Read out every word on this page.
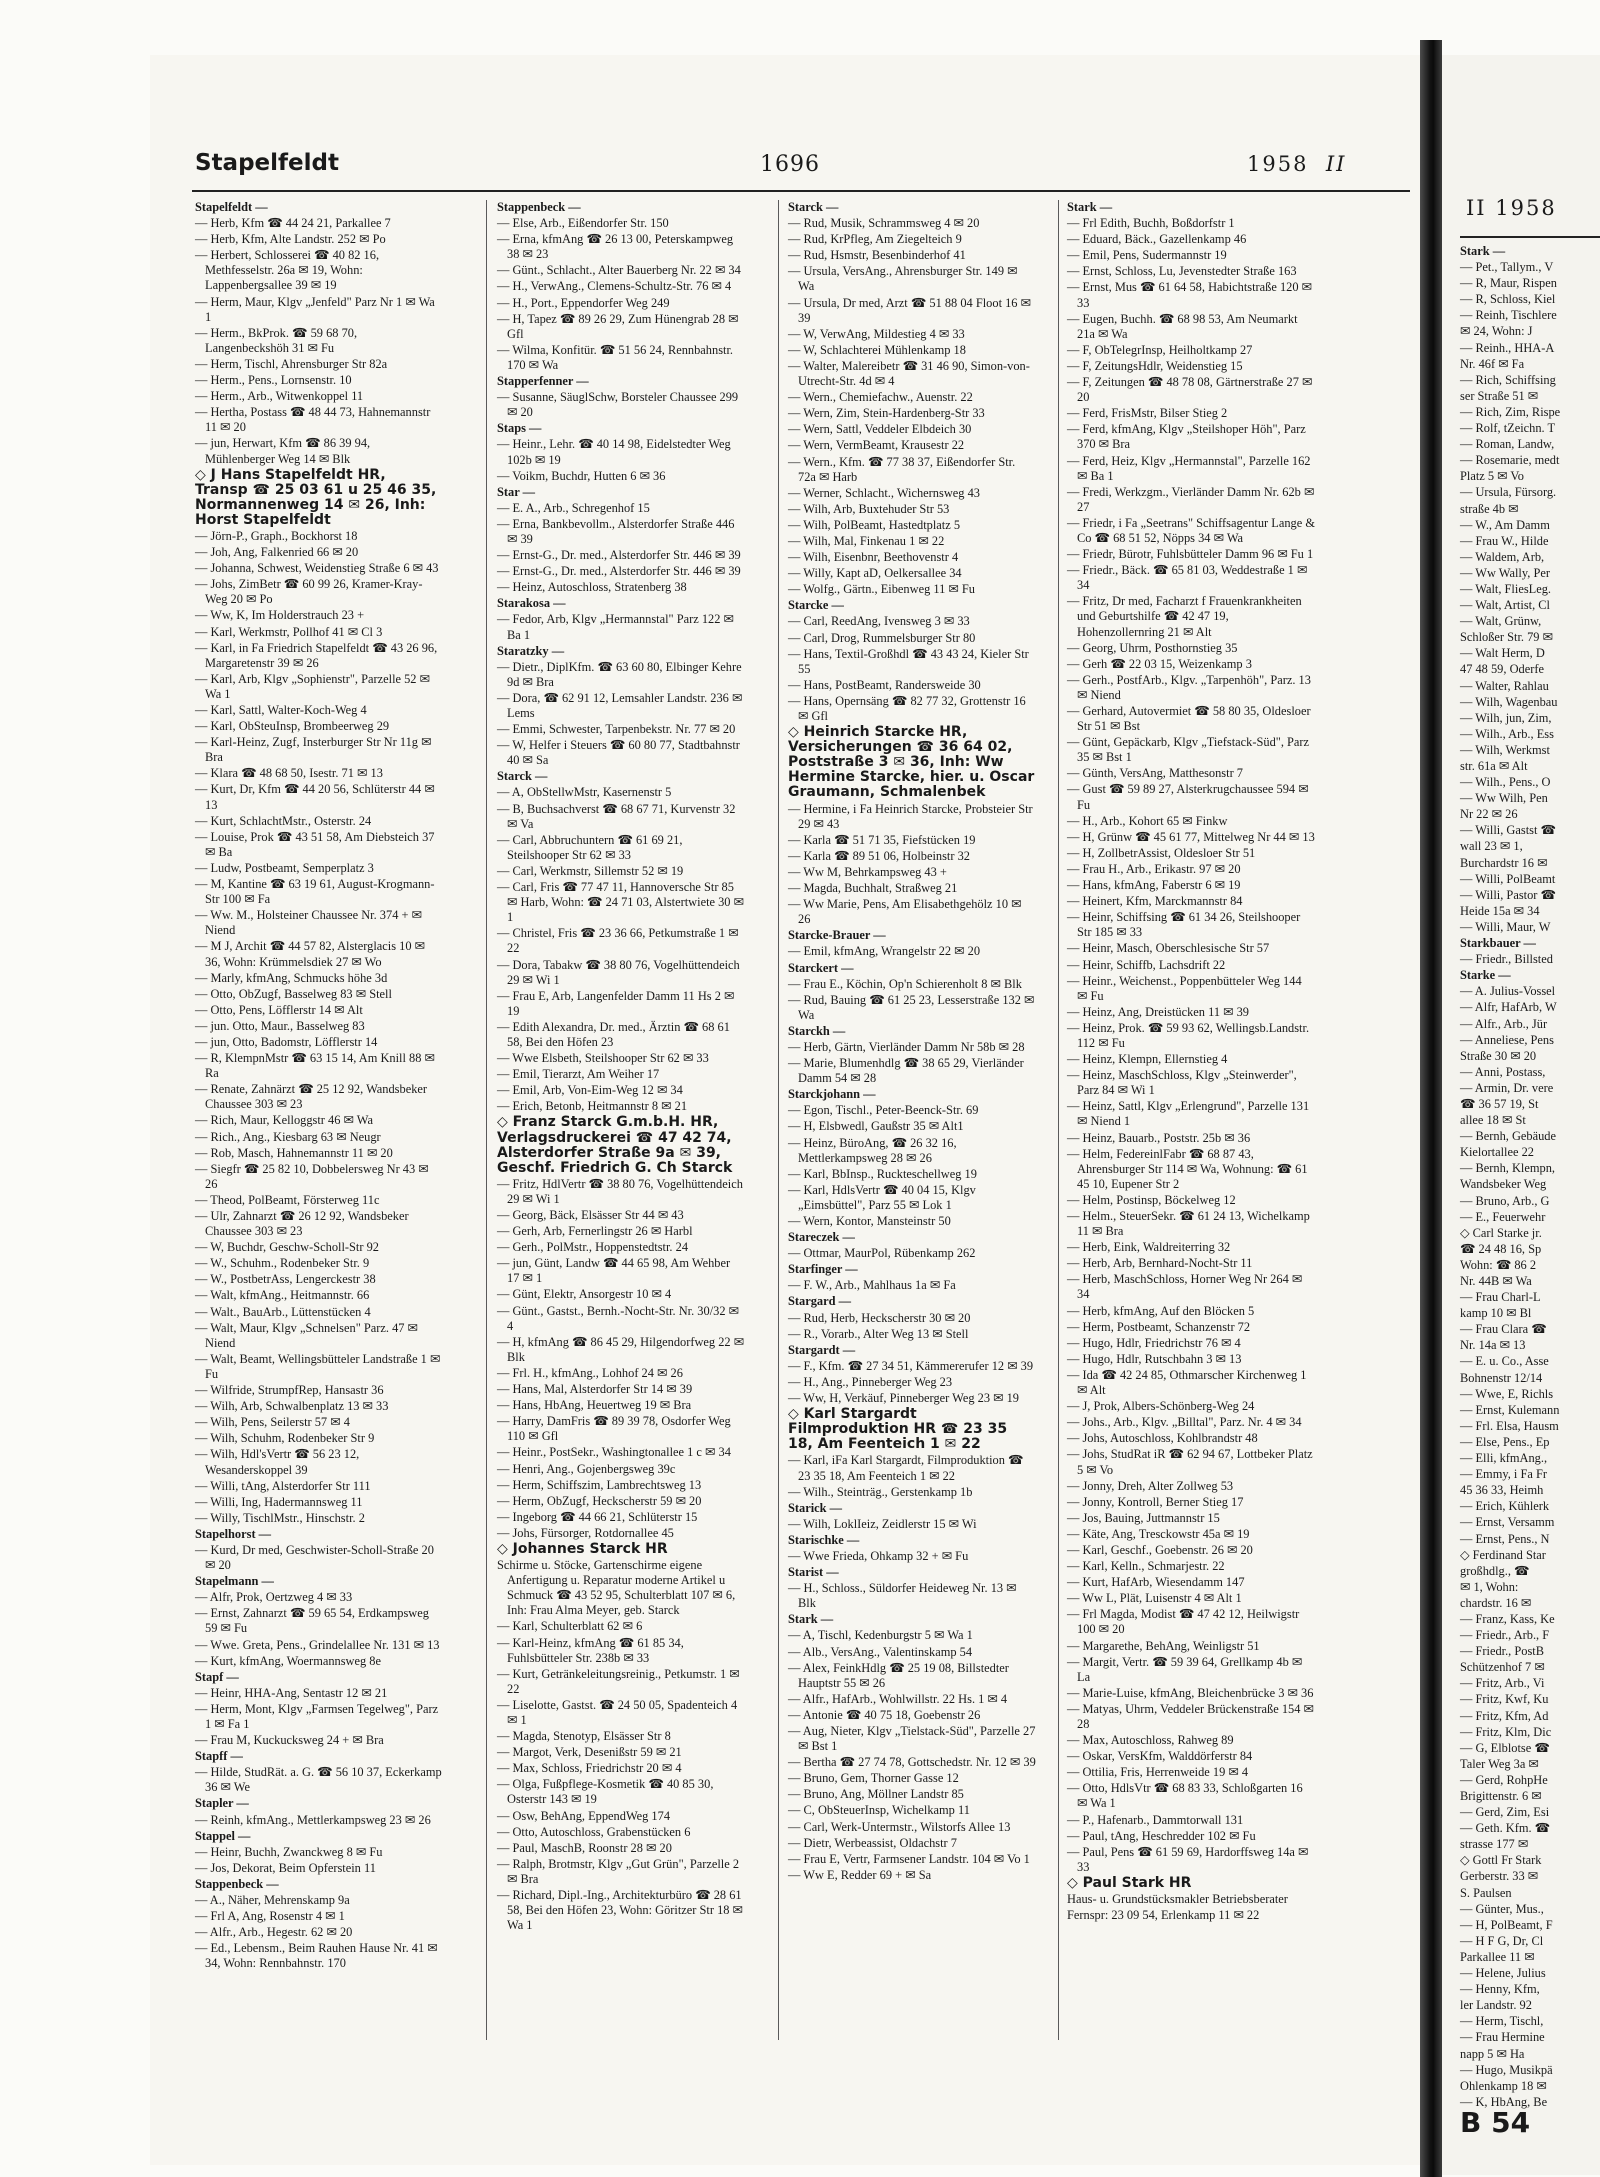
Stapelfeldt	1696	1958 II
Stapelfeldt —
— Herb, Kfm ☎ 44 24 21, Parkallee 7
— Herb, Kfm, Alte Landstr. 252 ✉ Po
— Herbert, Schlosserei ☎ 40 82 16, Methfesselstr. 26a ✉ 19, Wohn: Lappenbergsallee 39 ✉ 19
— Herm, Maur, Klgv „Jenfeld" Parz Nr 1 ✉ Wa 1
— Herm., BkProk. ☎ 59 68 70, Langenbeckshöh 31 ✉ Fu
— Herm, Tischl, Ahrensburger Str 82a
— Herm., Pens., Lornsenstr. 10
— Herm., Arb., Witwenkoppel 11
— Hertha, Postass ☎ 48 44 73, Hahnemannstr 11 ✉ 20
— jun, Herwart, Kfm ☎ 86 39 94, Mühlenberger Weg 14 ✉ Blk
◇ J Hans Stapelfeldt HR, Transp ☎ 25 03 61 u 25 46 35, Normannenweg 14 ✉ 26, Inh: Horst Stapelfeldt
— Jörn-P., Graph., Bockhorst 18
— Joh, Ang, Falkenried 66 ✉ 20
— Johanna, Schwest, Weidenstieg Straße 6 ✉ 43
— Johs, ZimBetr ☎ 60 99 26, Kramer-Kray-Weg 20 ✉ Po
— Ww, K, Im Holderstrauch 23 +
— Karl, Werkmstr, Pollhof 41 ✉ Cl 3
— Karl, in Fa Friedrich Stapelfeldt ☎ 43 26 96, Margaretenstr 39 ✉ 26
— Karl, Arb, Klgv „Sophienstr", Parzelle 52 ✉ Wa 1
— Karl, Sattl, Walter-Koch-Weg 4
— Karl, ObSteuInsp, Brombeerweg 29
— Karl-Heinz, Zugf, Insterburger Str Nr 11g ✉ Bra
— Klara ☎ 48 68 50, Isestr. 71 ✉ 13
— Kurt, Dr, Kfm ☎ 44 20 56, Schlüterstr 44 ✉ 13
— Kurt, SchlachtMstr., Osterstr. 24
— Louise, Prok ☎ 43 51 58, Am Diebsteich 37 ✉ Ba
— Ludw, Postbeamt, Semperplatz 3
— M, Kantine ☎ 63 19 61, August-Krogmann-Str 100 ✉ Fa
— Ww. M., Holsteiner Chaussee Nr. 374 + ✉ Niend
— M J, Archit ☎ 44 57 82, Alsterglacis 10 ✉ 36, Wohn: Krümmelsdiek 27 ✉ Wo
— Marly, kfmAng, Schmucks höhe 3d
— Otto, ObZugf, Basselweg 83 ✉ Stell
— Otto, Pens, Löfflerstr 14 ✉ Alt
— jun. Otto, Maur., Basselweg 83
— jun, Otto, Badomstr, Löfflerstr 14
— R, KlempnMstr ☎ 63 15 14, Am Knill 88 ✉ Ra
— Renate, Zahnärzt ☎ 25 12 92, Wandsbeker Chaussee 303 ✉ 23
— Rich, Maur, Kelloggstr 46 ✉ Wa
— Rich., Ang., Kiesbarg 63 ✉ Neugr
— Rob, Masch, Hahnemannstr 11 ✉ 20
— Siegfr ☎ 25 82 10, Dobbelersweg Nr 43 ✉ 26
— Theod, PolBeamt, Försterweg 11c
— Ulr, Zahnarzt ☎ 26 12 92, Wandsbeker Chaussee 303 ✉ 23
— W, Buchdr, Geschw-Scholl-Str 92
— W., Schuhm., Rodenbeker Str. 9
— W., PostbetrAss, Lengerckestr 38
— Walt, kfmAng., Heitmannstr. 66
— Walt., BauArb., Lüttenstücken 4
— Walt, Maur, Klgv „Schnelsen" Parz. 47 ✉ Niend
— Walt, Beamt, Wellingsbütteler Landstraße 1 ✉ Fu
— Wilfride, StrumpfRep, Hansastr 36
— Wilh, Arb, Schwalbenplatz 13 ✉ 33
— Wilh, Pens, Seilerstr 57 ✉ 4
— Wilh, Schuhm, Rodenbeker Str 9
— Wilh, Hdl'sVertr ☎ 56 23 12, Wesanderskoppel 39
— Willi, tAng, Alsterdorfer Str 111
— Willi, Ing, Hadermannsweg 11
— Willy, TischlMstr., Hinschstr. 2
Stapelhorst —
— Kurd, Dr med, Geschwister-Scholl-Straße 20 ✉ 20
Stapelmann —
— Alfr, Prok, Oertzweg 4 ✉ 33
— Ernst, Zahnarzt ☎ 59 65 54, Erdkampsweg 59 ✉ Fu
— Wwe. Greta, Pens., Grindelallee Nr. 131 ✉ 13
— Kurt, kfmAng, Woermannsweg 8e
Stapf —
— Heinr, HHA-Ang, Sentastr 12 ✉ 21
— Herm, Mont, Klgv „Farmsen Tegelweg", Parz 1 ✉ Fa 1
— Frau M, Kuckucksweg 24 + ✉ Bra
Stapff —
— Hilde, StudRät. a. G. ☎ 56 10 37, Eckerkamp 36 ✉ We
Stapler —
— Reinh, kfmAng., Mettlerkampsweg 23 ✉ 26
Stappel —
— Heinr, Buchh, Zwanckweg 8 ✉ Fu
— Jos, Dekorat, Beim Opferstein 11
Stappenbeck —
— A., Näher, Mehrenskamp 9a
— Frl A, Ang, Rosenstr 4 ✉ 1
— Alfr., Arb., Hegestr. 62 ✉ 20
— Ed., Lebensm., Beim Rauhen Hause Nr. 41 ✉ 34, Wohn: Rennbahnstr. 170
Stappenbeck —
— Else, Arb., Eißendorfer Str. 150
— Erna, kfmAng ☎ 26 13 00, Peterskampweg 38 ✉ 23
— Günt., Schlacht., Alter Bauerberg Nr. 22 ✉ 34
— H., VerwAng., Clemens-Schultz-Str. 76 ✉ 4
— H., Port., Eppendorfer Weg 249
— H, Tapez ☎ 89 26 29, Zum Hünengrab 28 ✉ Gfl
— Wilma, Konfitür. ☎ 51 56 24, Rennbahnstr. 170 ✉ Wa
Stapperfenner —
— Susanne, SäuglSchw, Borsteler Chaussee 299 ✉ 20
Staps —
— Heinr., Lehr. ☎ 40 14 98, Eidelstedter Weg 102b ✉ 19
— Voikm, Buchdr, Hutten 6 ✉ 36
Star —
— E. A., Arb., Schregenhof 15
— Erna, Bankbevollm., Alsterdorfer Straße 446 ✉ 39
— Ernst-G., Dr. med., Alsterdorfer Str. 446 ✉ 39
— Ernst-G., Dr. med., Alsterdorfer Str. 446 ✉ 39
— Heinz, Autoschloss, Stratenberg 38
Starakosa —
— Fedor, Arb, Klgv „Hermannstal" Parz 122 ✉ Ba 1
Staratzky —
— Dietr., DiplKfm. ☎ 63 60 80, Elbinger Kehre 9d ✉ Bra
— Dora, ☎ 62 91 12, Lemsahler Landstr. 236 ✉ Lems
— Emmi, Schwester, Tarpenbekstr. Nr. 77 ✉ 20
— W, Helfer i Steuers ☎ 60 80 77, Stadtbahnstr 40 ✉ Sa
Starck —
— A, ObStellwMstr, Kasernenstr 5
— B, Buchsachverst ☎ 68 67 71, Kurvenstr 32 ✉ Va
— Carl, Abbruchuntern ☎ 61 69 21, Steilshooper Str 62 ✉ 33
— Carl, Werkmstr, Sillemstr 52 ✉ 19
— Carl, Fris ☎ 77 47 11, Hannoversche Str 85 ✉ Harb, Wohn: ☎ 24 71 03, Alstertwiete 30 ✉ 1
— Christel, Fris ☎ 23 36 66, Petkumstraße 1 ✉ 22
— Dora, Tabakw ☎ 38 80 76, Vogelhüttendeich 29 ✉ Wi 1
— Frau E, Arb, Langenfelder Damm 11 Hs 2 ✉ 19
— Edith Alexandra, Dr. med., Ärztin ☎ 68 61 58, Bei den Höfen 23
— Wwe Elsbeth, Steilshooper Str 62 ✉ 33
— Emil, Tierarzt, Am Weiher 17
— Emil, Arb, Von-Eim-Weg 12 ✉ 34
— Erich, Betonb, Heitmannstr 8 ✉ 21
◇ Franz Starck G.m.b.H. HR, Verlagsdruckerei ☎ 47 42 74, Alsterdorfer Straße 9a ✉ 39, Geschf. Friedrich G. Ch Starck
— Fritz, HdlVertr ☎ 38 80 76, Vogelhüttendeich 29 ✉ Wi 1
— Georg, Bäck, Elsässer Str 44 ✉ 43
— Gerh, Arb, Fernerlingstr 26 ✉ Harbl
— Gerh., PolMstr., Hoppenstedtstr. 24
— jun, Günt, Landw ☎ 44 65 98, Am Wehber 17 ✉ 1
— Günt, Elektr, Ansorgestr 10 ✉ 4
— Günt., Gastst., Bernh.-Nocht-Str. Nr. 30/32 ✉ 4
— H, kfmAng ☎ 86 45 29, Hilgendorfweg 22 ✉ Blk
— Frl. H., kfmAng., Lohhof 24 ✉ 26
— Hans, Mal, Alsterdorfer Str 14 ✉ 39
— Hans, HbAng, Heuertweg 19 ✉ Bra
— Harry, DamFris ☎ 89 39 78, Osdorfer Weg 110 ✉ Gfl
— Heinr., PostSekr., Washingtonallee 1 c ✉ 34
— Henri, Ang., Gojenbergsweg 39c
— Herm, Schiffszim, Lambrechtsweg 13
— Herm, ObZugf, Heckscherstr 59 ✉ 20
— Ingeborg ☎ 44 66 21, Schlüterstr 15
— Johs, Fürsorger, Rotdornallee 45
◇ Johannes Starck HR
Schirme u. Stöcke, Gartenschirme eigene Anfertigung u. Reparatur moderne Artikel u Schmuck ☎ 43 52 95, Schulterblatt 107 ✉ 6, Inh: Frau Alma Meyer, geb. Starck
— Karl, Schulterblatt 62 ✉ 6
— Karl-Heinz, kfmAng ☎ 61 85 34, Fuhlsbütteler Str. 238b ✉ 33
— Kurt, Getränkeleitungsreinig., Petkumstr. 1 ✉ 22
— Liselotte, Gastst. ☎ 24 50 05, Spadenteich 4 ✉ 1
— Magda, Stenotyp, Elsässer Str 8
— Margot, Verk, Desenißstr 59 ✉ 21
— Max, Schloss, Friedrichstr 20 ✉ 4
— Olga, Fußpflege-Kosmetik ☎ 40 85 30, Osterstr 143 ✉ 19
— Osw, BehAng, EppendWeg 174
— Otto, Autoschloss, Grabenstücken 6
— Paul, MaschB, Roonstr 28 ✉ 20
— Ralph, Brotmstr, Klgv „Gut Grün", Parzelle 2 ✉ Bra
— Richard, Dipl.-Ing., Architekturbüro ☎ 28 61 58, Bei den Höfen 23, Wohn: Göritzer Str 18 ✉ Wa 1
Starck —
— Rud, Musik, Schrammsweg 4 ✉ 20
— Rud, KrPfleg, Am Ziegelteich 9
— Rud, Hsmstr, Besenbinderhof 41
— Ursula, VersAng., Ahrensburger Str. 149 ✉ Wa
— Ursula, Dr med, Arzt ☎ 51 88 04 Floot 16 ✉ 39
— W, VerwAng, Mildestieg 4 ✉ 33
— W, Schlachterei Mühlenkamp 18
— Walter, Malereibetr ☎ 31 46 90, Simon-von-Utrecht-Str. 4d ✉ 4
— Wern., Chemiefachw., Auenstr. 22
— Wern, Zim, Stein-Hardenberg-Str 33
— Wern, Sattl, Veddeler Elbdeich 30
— Wern, VermBeamt, Krausestr 22
— Wern., Kfm. ☎ 77 38 37, Eißendorfer Str. 72a ✉ Harb
— Werner, Schlacht., Wichernsweg 43
— Wilh, Arb, Buxtehuder Str 53
— Wilh, PolBeamt, Hastedtplatz 5
— Wilh, Mal, Finkenau 1 ✉ 22
— Wilh, Eisenbnr, Beethovenstr 4
— Willy, Kapt aD, Oelkersallee 34
— Wolfg., Gärtn., Eibenweg 11 ✉ Fu
Starcke —
— Carl, ReedAng, Ivensweg 3 ✉ 33
— Carl, Drog, Rummelsburger Str 80
— Hans, Textil-Großhdl ☎ 43 43 24, Kieler Str 55
— Hans, PostBeamt, Randersweide 30
— Hans, Opernsäng ☎ 82 77 32, Grottenstr 16 ✉ Gfl
◇ Heinrich Starcke HR, Versicherungen ☎ 36 64 02, Poststraße 3 ✉ 36, Inh: Ww Hermine Starcke, hier. u. Oscar Graumann, Schmalenbek
— Hermine, i Fa Heinrich Starcke, Probsteier Str 29 ✉ 43
— Karla ☎ 51 71 35, Fiefstücken 19
— Karla ☎ 89 51 06, Holbeinstr 32
— Ww M, Behrkampsweg 43 +
— Magda, Buchhalt, Straßweg 21
— Ww Marie, Pens, Am Elisabethgehölz 10 ✉ 26
Starcke-Brauer —
— Emil, kfmAng, Wrangelstr 22 ✉ 20
Starckert —
— Frau E., Köchin, Op'n Schierenholt 8 ✉ Blk
— Rud, Bauing ☎ 61 25 23, Lesserstraße 132 ✉ Wa
Starckh —
— Herb, Gärtn, Vierländer Damm Nr 58b ✉ 28
— Marie, Blumenhdlg ☎ 38 65 29, Vierländer Damm 54 ✉ 28
Starckjohann —
— Egon, Tischl., Peter-Beenck-Str. 69
— H, Elsbwedl, Gaußstr 35 ✉ Alt1
— Heinz, BüroAng, ☎ 26 32 16, Mettlerkampsweg 28 ✉ 26
— Karl, BbInsp., Ruckteschellweg 19
— Karl, HdlsVertr ☎ 40 04 15, Klgv „Eimsbüttel", Parz 55 ✉ Lok 1
— Wern, Kontor, Mansteinstr 50
Stareczek —
— Ottmar, MaurPol, Rübenkamp 262
Starfinger —
— F. W., Arb., Mahlhaus 1a ✉ Fa
Stargard —
— Rud, Herb, Heckscherstr 30 ✉ 20
— R., Vorarb., Alter Weg 13 ✉ Stell
Stargardt —
— F., Kfm. ☎ 27 34 51, Kämmererufer 12 ✉ 39
— H., Ang., Pinneberger Weg 23
— Ww, H, Verkäuf, Pinneberger Weg 23 ✉ 19
◇ Karl Stargardt Filmproduktion HR ☎ 23 35 18, Am Feenteich 1 ✉ 22
— Karl, iFa Karl Stargardt, Filmproduktion ☎ 23 35 18, Am Feenteich 1 ✉ 22
— Wilh., Steinträg., Gerstenkamp 1b
Starick —
— Wilh, LoklIeiz, Zeidlerstr 15 ✉ Wi
Starischke —
— Wwe Frieda, Ohkamp 32 + ✉ Fu
Starist —
— H., Schloss., Süldorfer Heideweg Nr. 13 ✉ Blk
Stark —
— A, Tischl, Kedenburgstr 5 ✉ Wa 1
— Alb., VersAng., Valentinskamp 54
— Alex, FeinkHdlg ☎ 25 19 08, Billstedter Hauptstr 55 ✉ 26
— Alfr., HafArb., Wohlwillstr. 22 Hs. 1 ✉ 4
— Antonie ☎ 40 75 18, Goebenstr 26
— Aug, Nieter, Klgv „Tielstack-Süd", Parzelle 27 ✉ Bst 1
— Bertha ☎ 27 74 78, Gottschedstr. Nr. 12 ✉ 39
— Bruno, Gem, Thorner Gasse 12
— Bruno, Ang, Möllner Landstr 85
— C, ObSteuerInsp, Wichelkamp 11
— Carl, Werk-Untermstr., Wilstorfs Allee 13
— Dietr, Werbeassist, Oldachstr 7
— Frau E, Vertr, Farmsener Landstr. 104 ✉ Vo 1
— Ww E, Redder 69 + ✉ Sa
Stark —
— Frl Edith, Buchh, Boßdorfstr 1
— Eduard, Bäck., Gazellenkamp 46
— Emil, Pens, Sudermannstr 19
— Ernst, Schloss, Lu, Jevenstedter Straße 163
— Ernst, Mus ☎ 61 64 58, Habichtstraße 120 ✉ 33
— Eugen, Buchh. ☎ 68 98 53, Am Neumarkt 21a ✉ Wa
— F, ObTelegrInsp, Heilholtkamp 27
— F, ZeitungsHdlr, Weidenstieg 15
— F, Zeitungen ☎ 48 78 08, Gärtnerstraße 27 ✉ 20
— Ferd, FrisMstr, Bilser Stieg 2
— Ferd, kfmAng, Klgv „Steilshoper Höh", Parz 370 ✉ Bra
— Ferd, Heiz, Klgv „Hermannstal", Parzelle 162 ✉ Ba 1
— Fredi, Werkzgm., Vierländer Damm Nr. 62b ✉ 27
— Friedr, i Fa „Seetrans" Schiffsagentur Lange & Co ☎ 68 51 52, Nöpps 34 ✉ Wa
— Friedr, Bürotr, Fuhlsbütteler Damm 96 ✉ Fu 1
— Friedr., Bäck. ☎ 65 81 03, Weddestraße 1 ✉ 34
— Fritz, Dr med, Facharzt f Frauenkrankheiten und Geburtshilfe ☎ 42 47 19, Hohenzollernring 21 ✉ Alt
— Georg, Uhrm, Posthornstieg 35
— Gerh ☎ 22 03 15, Weizenkamp 3
— Gerh., PostfArb., Klgv. „Tarpenhöh", Parz. 13 ✉ Niend
— Gerhard, Autovermiet ☎ 58 80 35, Oldesloer Str 51 ✉ Bst
— Günt, Gepäckarb, Klgv „Tiefstack-Süd", Parz 35 ✉ Bst 1
— Günth, VersAng, Matthesonstr 7
— Gust ☎ 59 89 27, Alsterkrugchaussee 594 ✉ Fu
— H., Arb., Kohort 65 ✉ Finkw
— H, Grünw ☎ 45 61 77, Mittelweg Nr 44 ✉ 13
— H, ZollbetrAssist, Oldesloer Str 51
— Frau H., Arb., Erikastr. 97 ✉ 20
— Hans, kfmAng, Faberstr 6 ✉ 19
— Heinert, Kfm, Marckmannstr 84
— Heinr, Schiffsing ☎ 61 34 26, Steilshooper Str 185 ✉ 33
— Heinr, Masch, Oberschlesische Str 57
— Heinr, Schiffb, Lachsdrift 22
— Heinr., Weichenst., Poppenbütteler Weg 144 ✉ Fu
— Heinz, Ang, Dreistücken 11 ✉ 39
— Heinz, Prok. ☎ 59 93 62, Wellingsb.Landstr. 112 ✉ Fu
— Heinz, Klempn, Ellernstieg 4
— Heinz, MaschSchloss, Klgv „Steinwerder", Parz 84 ✉ Wi 1
— Heinz, Sattl, Klgv „Erlengrund", Parzelle 131 ✉ Niend 1
— Heinz, Bauarb., Poststr. 25b ✉ 36
— Helm, FedereinlFabr ☎ 68 87 43, Ahrensburger Str 114 ✉ Wa, Wohnung: ☎ 61 45 10, Eupener Str 2
— Helm, Postinsp, Böckelweg 12
— Helm., SteuerSekr. ☎ 61 24 13, Wichelkamp 11 ✉ Bra
— Herb, Eink, Waldreiterring 32
— Herb, Arb, Bernhard-Nocht-Str 11
— Herb, MaschSchloss, Horner Weg Nr 264 ✉ 34
— Herb, kfmAng, Auf den Blöcken 5
— Herm, Postbeamt, Schanzenstr 72
— Hugo, Hdlr, Friedrichstr 76 ✉ 4
— Hugo, Hdlr, Rutschbahn 3 ✉ 13
— Ida ☎ 42 24 85, Othmarscher Kirchenweg 1 ✉ Alt
— J, Prok, Albers-Schönberg-Weg 24
— Johs., Arb., Klgv. „Billtal", Parz. Nr. 4 ✉ 34
— Johs, Autoschloss, Kohlbrandstr 48
— Johs, StudRat iR ☎ 62 94 67, Lottbeker Platz 5 ✉ Vo
— Jonny, Dreh, Alter Zollweg 53
— Jonny, Kontroll, Berner Stieg 17
— Jos, Bauing, Juttmannstr 15
— Käte, Ang, Tresckowstr 45a ✉ 19
— Karl, Geschf., Goebenstr. 26 ✉ 20
— Karl, Kelln., Schmarjestr. 22
— Kurt, HafArb, Wiesendamm 147
— Ww L, Plät, Luisenstr 4 ✉ Alt 1
— Frl Magda, Modist ☎ 47 42 12, Heilwigstr 100 ✉ 20
— Margarethe, BehAng, Weinligstr 51
— Margit, Vertr. ☎ 59 39 64, Grellkamp 4b ✉ La
— Marie-Luise, kfmAng, Bleichenbrücke 3 ✉ 36
— Matyas, Uhrm, Veddeler Brückenstraße 154 ✉ 28
— Max, Autoschloss, Rahweg 89
— Oskar, VersKfm, Walddörferstr 84
— Ottilia, Fris, Herrenweide 19 ✉ 4
— Otto, HdlsVtr ☎ 68 83 33, Schloßgarten 16 ✉ Wa 1
— P., Hafenarb., Dammtorwall 131
— Paul, tAng, Heschredder 102 ✉ Fu
— Paul, Pens ☎ 61 59 69, Hardorffsweg 14a ✉ 33
◇ Paul Stark HR
Haus- u. Grundstücksmakler Betriebsberater
Fernspr: 23 09 54, Erlenkamp 11 ✉ 22
II 1958
Stark —
— Pet., Tallym., V
— R, Maur, Rispen
— R, Schloss, Kiel
— Reinh, Tischlere
✉ 24, Wohn: J
— Reinh., HHA-A
Nr. 46f ✉ Fa
— Rich, Schiffsing
ser Straße 51 ✉
— Rich, Zim, Rispe
— Rolf, tZeichn. T
— Roman, Landw,
— Rosemarie, medt
Platz 5 ✉ Vo
— Ursula, Fürsorg.
straße 4b ✉
— W., Am Damm
— Frau W., Hilde
— Waldem, Arb,
— Ww Wally, Per
— Walt, FliesLeg.
— Walt, Artist, Cl
— Walt, Grünw,
Schloßer Str. 79 ✉
— Walt Herm, D
47 48 59, Oderfe
— Walter, Rahlau
— Wilh, Wagenbau
— Wilh, jun, Zim,
— Wilh., Arb., Ess
— Wilh, Werkmst
str. 61a ✉ Alt
— Wilh., Pens., O
— Ww Wilh, Pen
Nr 22 ✉ 26
— Willi, Gastst ☎
wall 23 ✉ 1,
Burchardstr 16 ✉
— Willi, PolBeamt
— Willi, Pastor ☎
Heide 15a ✉ 34
— Willi, Maur, W
Starkbauer —
— Friedr., Billsted
Starke —
— A. Julius-Vossel
— Alfr, HafArb, W
— Alfr., Arb., Jür
— Anneliese, Pens
Straße 30 ✉ 20
— Anni, Postass,
— Armin, Dr. vere
☎ 36 57 19, St
allee 18 ✉ St
— Bernh, Gebäude
Kielortallee 22
— Bernh, Klempn,
Wandsbeker Weg
— Bruno, Arb., G
— E., Feuerwehr
◇ Carl Starke jr.
☎ 24 48 16, Sp
Wohn: ☎ 86 2
Nr. 44B ✉ Wa
— Frau Charl-L
kamp 10 ✉ Bl
— Frau Clara ☎
Nr. 14a ✉ 13
— E. u. Co., Asse
Bohnenstr 12/14
— Wwe, E, Richls
— Ernst, Kulemann
— Frl. Elsa, Hausm
— Else, Pens., Ep
— Elli, kfmAng.,
— Emmy, i Fa Fr
45 36 33, Heimh
— Erich, Kühlerk
— Ernst, Versamm
— Ernst, Pens., N
◇ Ferdinand Star
großhdlg., ☎
✉ 1, Wohn:
chardstr. 16 ✉
— Franz, Kass, Ke
— Friedr., Arb., F
— Friedr., PostB
Schützenhof 7 ✉
— Fritz, Arb., Vi
— Fritz, Kwf, Ku
— Fritz, Kfm, Ad
— Fritz, Klm, Dic
— G, Elblotse ☎
Taler Weg 3a ✉
— Gerd, RohpHe
Brigittenstr. 6 ✉
— Gerd, Zim, Esi
— Geth. Kfm. ☎
strasse 177 ✉
◇ Gottl Fr Stark
Gerberstr. 33 ✉
S. Paulsen
— Günter, Mus.,
— H, PolBeamt, F
— H F G, Dr, Cl
Parkallee 11 ✉
— Helene, Julius
— Henny, Kfm,
ler Landstr. 92
— Herm, Tischl,
— Frau Hermine
napp 5 ✉ Ha
— Hugo, Musikpä
Ohlenkamp 18 ✉
— K, HbAng, Be
B 54
